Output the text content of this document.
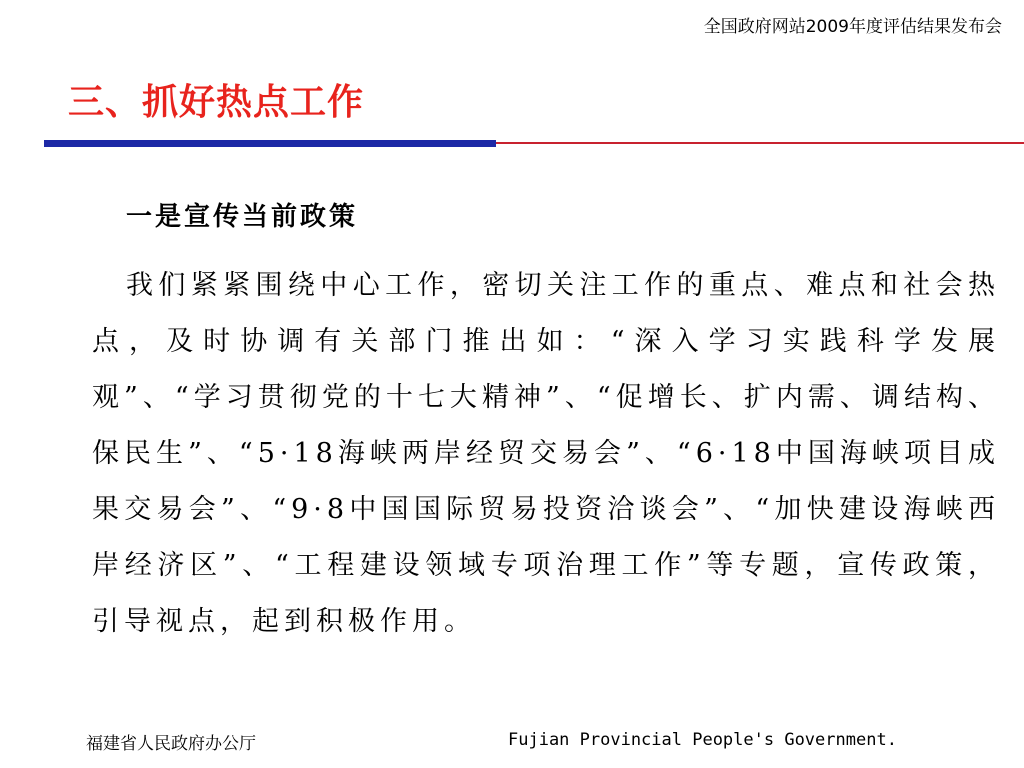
全国政府网站2009年度评估结果发布会
三、抓好热点工作
一是宣传当前政策

我们紧紧围绕中心工作，密切关注工作的重点、难点和社会热点，及时协调有关部门推出如：“深入学习实践科学发展观”、“学习贯彻党的十七大精神”、“促增长、扩内需、调结构、保民生”、“5·18海峡两岸经贸交易会”、“6·18中国海峡项目成果交易会”、“9·8中国国际贸易投资洽谈会”、“加快建设海峡西岸经济区”、“工程建设领域专项治理工作”等专题，宣传政策，引导视点，起到积极作用。

福建省人民政府办公厅	Fujian Provincial People's Government.
